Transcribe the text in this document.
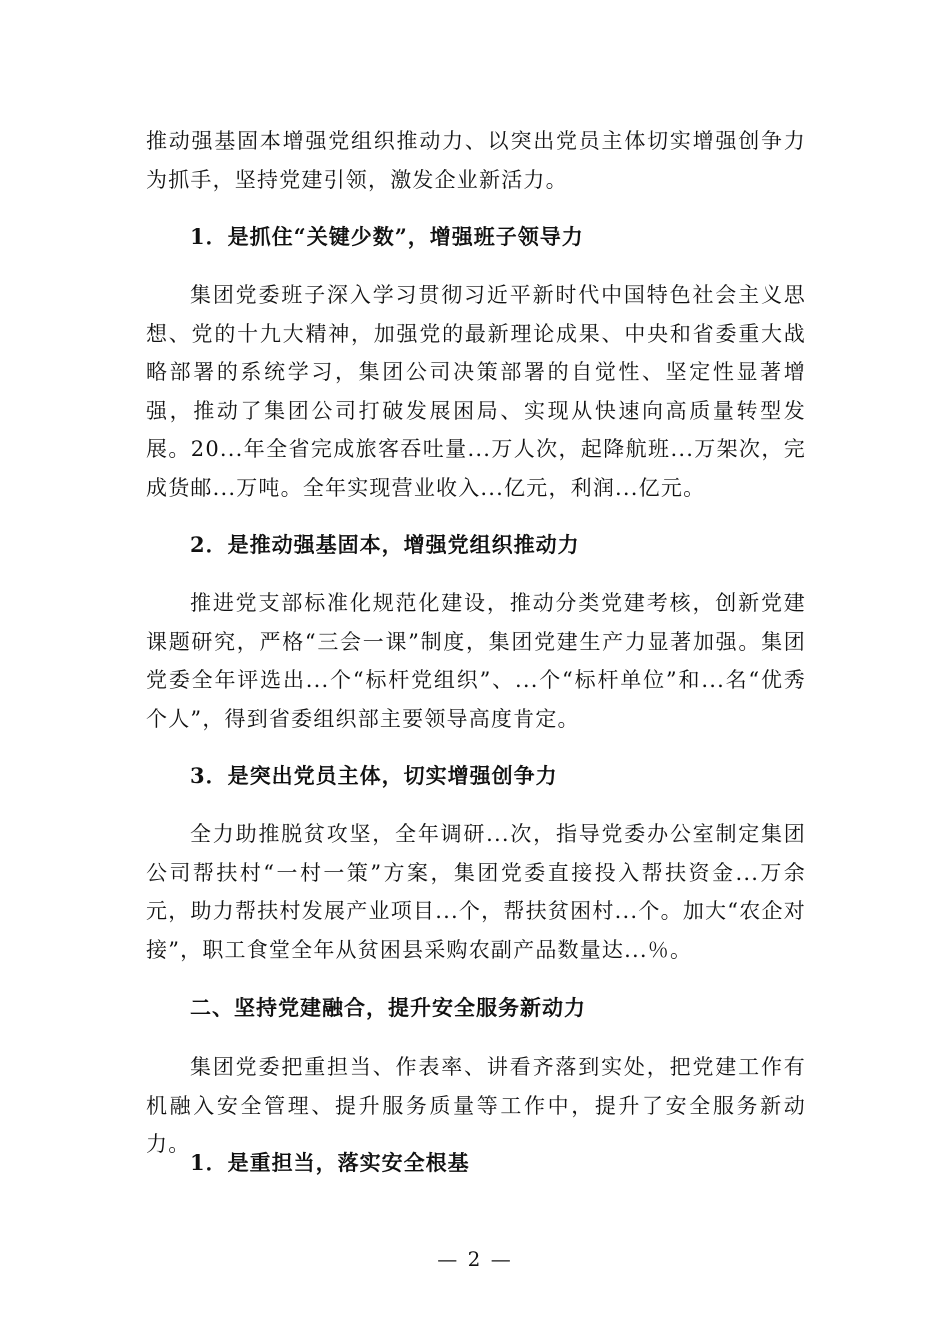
推动强基固本增强党组织推动力、以突出党员主体切实增强创争力为抓手，坚持党建引领，激发企业新活力。

1．是抓住“关键少数”，增强班子领导力

集团党委班子深入学习贯彻习近平新时代中国特色社会主义思想、党的十九大精神，加强党的最新理论成果、中央和省委重大战略部署的系统学习，集团公司决策部署的自觉性、坚定性显著增强，推动了集团公司打破发展困局、实现从快速向高质量转型发展。20...年全省完成旅客吞吐量...万人次，起降航班...万架次，完成货邮...万吨。全年实现营业收入...亿元，利润...亿元。

2．是推动强基固本，增强党组织推动力

推进党支部标准化规范化建设，推动分类党建考核，创新党建课题研究，严格“三会一课”制度，集团党建生产力显著加强。集团党委全年评选出...个“标杆党组织”、...个“标杆单位”和...名“优秀个人”，得到省委组织部主要领导高度肯定。

3．是突出党员主体，切实增强创争力

全力助推脱贫攻坚，全年调研...次，指导党委办公室制定集团公司帮扶村“一村一策”方案，集团党委直接投入帮扶资金...万余元，助力帮扶村发展产业项目...个，帮扶贫困村...个。加大“农企对接”，职工食堂全年从贫困县采购农副产品数量达...％。

二、坚持党建融合，提升安全服务新动力

集团党委把重担当、作表率、讲看齐落到实处，把党建工作有机融入安全管理、提升服务质量等工作中，提升了安全服务新动力。

1．是重担当，落实安全根基
— 2 —
